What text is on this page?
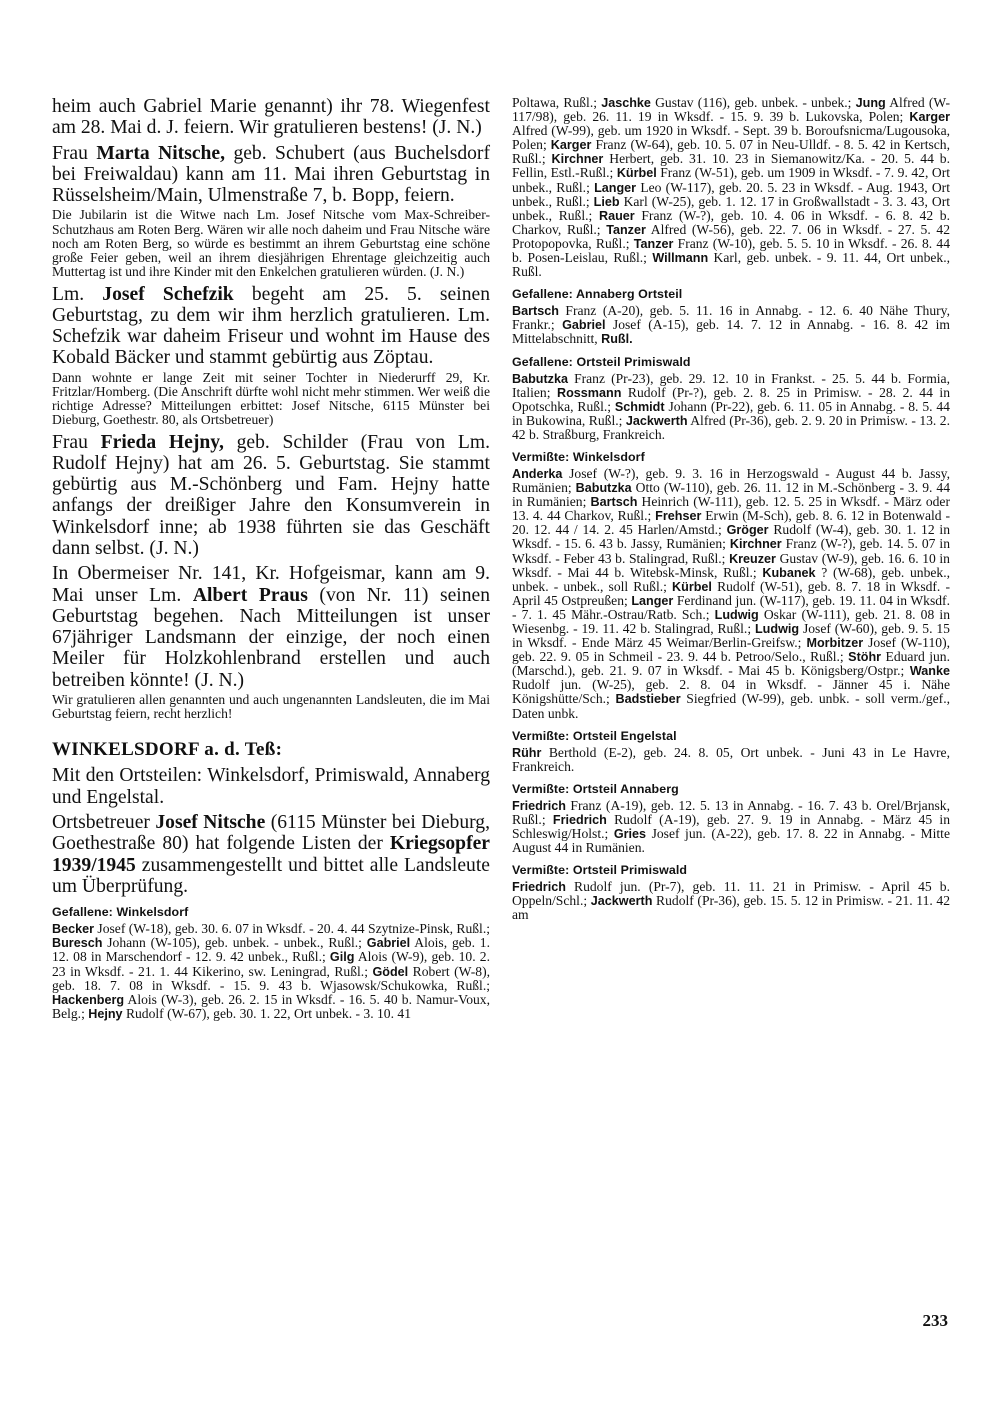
heim auch Gabriel Marie genannt) ihr 78. Wiegenfest am 28. Mai d. J. feiern. Wir gratulieren bestens! (J. N.)

Frau Marta Nitsche, geb. Schubert (aus Buchelsdorf bei Freiwaldau) kann am 11. Mai ihren Geburtstag in Rüsselsheim/Main, Ulmenstraße 7, b. Bopp, feiern.

Die Jubilarin ist die Witwe nach Lm. Josef Nitsche vom Max-Schreiber-Schutzhaus am Roten Berg. Wären wir alle noch daheim und Frau Nitsche wäre noch am Roten Berg, so würde es bestimmt an ihrem Geburtstag eine schöne große Feier geben, weil an ihrem diesjährigen Ehrentage gleichzeitig auch Muttertag ist und ihre Kinder mit den Enkelchen gratulieren würden. (J. N.)

Lm. Josef Schefzik begeht am 25. 5. seinen Geburtstag, zu dem wir ihm herzlich gratulieren. Lm. Schefzik war daheim Friseur und wohnt im Hause des Kobald Bäcker und stammt gebürtig aus Zöptau.

Dann wohnte er lange Zeit mit seiner Tochter in Niederurff 29, Kr. Fritzlar/Homberg. (Die Anschrift dürfte wohl nicht mehr stimmen. Wer weiß die richtige Adresse? Mitteilungen erbittet: Josef Nitsche, 6115 Münster bei Dieburg, Goethestr. 80, als Ortsbetreuer)

Frau Frieda Hejny, geb. Schilder (Frau von Lm. Rudolf Hejny) hat am 26. 5. Geburtstag. Sie stammt gebürtig aus M.-Schönberg und Fam. Hejny hatte anfangs der dreißiger Jahre den Konsumverein in Winkelsdorf inne; ab 1938 führten sie das Geschäft dann selbst. (J. N.)

In Obermeiser Nr. 141, Kr. Hofgeismar, kann am 9. Mai unser Lm. Albert Praus (von Nr. 11) seinen Geburtstag begehen. Nach Mitteilungen ist unser 67jähriger Landsmann der einzige, der noch einen Meiler für Holzkohlenbrand erstellen und auch betreiben könnte! (J. N.)

Wir gratulieren allen genannten und auch ungenannten Landsleuten, die im Mai Geburtstag feiern, recht herzlich!

WINKELSDORF a. d. Teß:

Mit den Ortsteilen: Winkelsdorf, Primiswald, Annaberg und Engelstal.

Ortsbetreuer Josef Nitsche (6115 Münster bei Dieburg, Goethestraße 80) hat folgende Listen der Kriegsopfer 1939/1945 zusammengestellt und bittet alle Landsleute um Überprüfung.

Gefallene: Winkelsdorf

Becker Josef (W-18), geb. 30. 6. 07 in Wksdf. - 20. 4. 44 Szytnize-Pinsk, Rußl.; Buresch Johann (W-105), geb. unbek. - unbek., Rußl.; Gabriel Alois, geb. 1. 12. 08 in Marschendorf - 12. 9. 42 unbek., Rußl.; Gilg Alois (W-9), geb. 10. 2. 23 in Wksdf. - 21. 1. 44 Kikerino, sw. Leningrad, Rußl.; Gödel Robert (W-8), geb. 18. 7. 08 in Wksdf. - 15. 9. 43 b. Wjasowsk/Schukowka, Rußl.; Hackenberg Alois (W-3), geb. 26. 2. 15 in Wksdf. - 16. 5. 40 b. Namur-Voux, Belg.; Hejny Rudolf (W-67), geb. 30. 1. 22, Ort unbek. - 3. 10. 41

Poltawa, Rußl.; Jaschke Gustav (116), geb. unbek. - unbek.; Jung Alfred (W-117/98), geb. 26. 11. 19 in Wksdf. - 15. 9. 39 b. Lukovska, Polen; Karger Alfred (W-99), geb. um 1920 in Wksdf. - Sept. 39 b. Boroufsnicma/Lugousoka, Polen; Karger Franz (W-64), geb. 10. 5. 07 in Neu-Ulldf. - 8. 5. 42 in Kertsch, Rußl.; Kirchner Herbert, geb. 31. 10. 23 in Siemanowitz/Ka. - 20. 5. 44 b. Fellin, Estl.-Rußl.; Kürbel Franz (W-51), geb. um 1909 in Wksdf. - 7. 9. 42, Ort unbek., Rußl.; Langer Leo (W-117), geb. 20. 5. 23 in Wksdf. - Aug. 1943, Ort unbek., Rußl.; Lieb Karl (W-25), geb. 1. 12. 17 in Großwallstadt - 3. 3. 43, Ort unbek., Rußl.; Rauer Franz (W-?), geb. 10. 4. 06 in Wksdf. - 6. 8. 42 b. Charkov, Rußl.; Tanzer Alfred (W-56), geb. 22. 7. 06 in Wksdf. - 27. 5. 42 Protopopovka, Rußl.; Tanzer Franz (W-10), geb. 5. 5. 10 in Wksdf. - 26. 8. 44 b. Posen-Leislau, Rußl.; Willmann Karl, geb. unbek. - 9. 11. 44, Ort unbek., Rußl.

Gefallene: Annaberg Ortsteil

Bartsch Franz (A-20), geb. 5. 11. 16 in Annabg. - 12. 6. 40 Nähe Thury, Frankr.; Gabriel Josef (A-15), geb. 14. 7. 12 in Annabg. - 16. 8. 42 im Mittelabschnitt, Rußl.

Gefallene: Ortsteil Primiswald

Babutzka Franz (Pr-23), geb. 29. 12. 10 in Frankst. - 25. 5. 44 b. Formia, Italien; Rossmann Rudolf (Pr-?), geb. 2. 8. 25 in Primisw. - 28. 2. 44 in Opotschka, Rußl.; Schmidt Johann (Pr-22), geb. 6. 11. 05 in Annabg. - 8. 5. 44 in Bukowina, Rußl.; Jackwerth Alfred (Pr-36), geb. 2. 9. 20 in Primisw. - 13. 2. 42 b. Straßburg, Frankreich.

Vermißte: Winkelsdorf

Anderka Josef (W-?), geb. 9. 3. 16 in Herzogswald - August 44 b. Jassy, Rumänien; Babutzka Otto (W-110), geb. 26. 11. 12 in M.-Schönberg - 3. 9. 44 in Rumänien; Bartsch Heinrich (W-111), geb. 12. 5. 25 in Wksdf. - März oder 13. 4. 44 Charkov, Rußl.; Frehser Erwin (M-Sch), geb. 8. 6. 12 in Botenwald - 20. 12. 44 / 14. 2. 45 Harlen/Amstd.; Gröger Rudolf (W-4), geb. 30. 1. 12 in Wksdf. - 15. 6. 43 b. Jassy, Rumänien; Kirchner Franz (W-?), geb. 14. 5. 07 in Wksdf. - Feber 43 b. Stalingrad, Rußl.; Kreuzer Gustav (W-9), geb. 16. 6. 10 in Wksdf. - Mai 44 b. Witebsk-Minsk, Rußl.; Kubanek ? (W-68), geb. unbek., unbek. - unbek., soll Rußl.; Kürbel Rudolf (W-51), geb. 8. 7. 18 in Wksdf. - April 45 Ostpreußen; Langer Ferdinand jun. (W-117), geb. 19. 11. 04 in Wksdf. - 7. 1. 45 Mähr.-Ostrau/Ratb. Sch.; Ludwig Oskar (W-111), geb. 21. 8. 08 in Wiesenbg. - 19. 11. 42 b. Stalingrad, Rußl.; Ludwig Josef (W-60), geb. 9. 5. 15 in Wksdf. - Ende März 45 Weimar/Berlin-Greifsw.; Morbitzer Josef (W-110), geb. 22. 9. 05 in Schmeil - 23. 9. 44 b. Petroo/Selo., Rußl.; Stöhr Eduard jun. (Marschd.), geb. 21. 9. 07 in Wksdf. - Mai 45 b. Königsberg/Ostpr.; Wanke Rudolf jun. (W-25), geb. 2. 8. 04 in Wksdf. - Jänner 45 i. Nähe Königshütte/Sch.; Badstieber Siegfried (W-99), geb. unbk. - soll verm./gef., Daten unbk.

Vermißte: Ortsteil Engelstal

Rühr Berthold (E-2), geb. 24. 8. 05, Ort unbek. - Juni 43 in Le Havre, Frankreich.

Vermißte: Ortsteil Annaberg

Friedrich Franz (A-19), geb. 12. 5. 13 in Annabg. - 16. 7. 43 b. Orel/Brjansk, Rußl.; Friedrich Rudolf (A-19), geb. 27. 9. 19 in Annabg. - März 45 in Schleswig/Holst.; Gries Josef jun. (A-22), geb. 17. 8. 22 in Annabg. - Mitte August 44 in Rumänien.

Vermißte: Ortsteil Primiswald

Friedrich Rudolf jun. (Pr-7), geb. 11. 11. 21 in Primisw. - April 45 b. Oppeln/Schl.; Jackwerth Rudolf (Pr-36), geb. 15. 5. 12 in Primisw. - 21. 11. 42 am

233
